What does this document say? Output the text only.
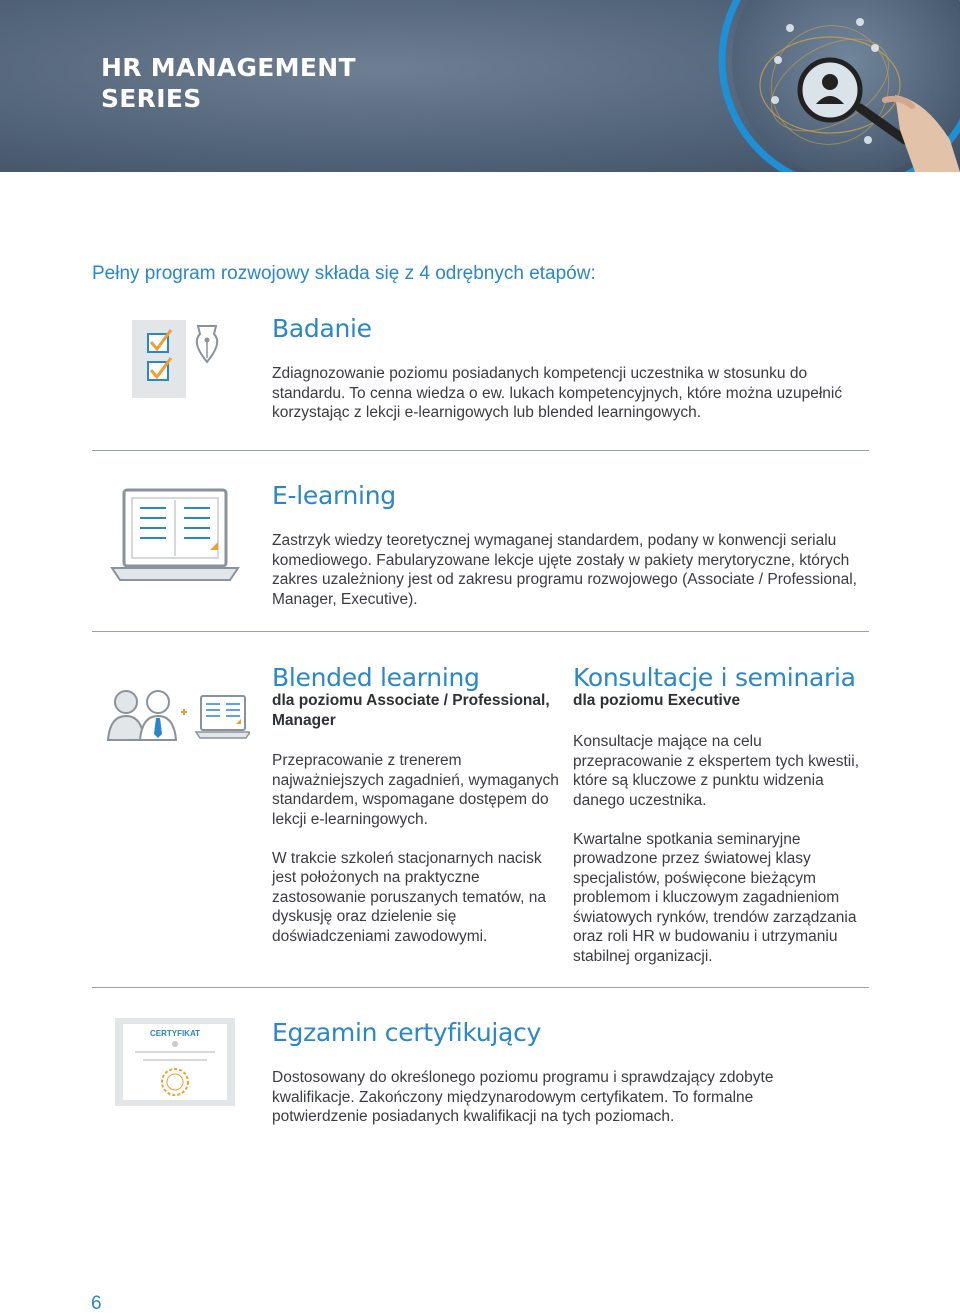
HR MANAGEMENT
SERIES
Pełny program rozwojowy składa się z 4 odrębnych etapów:
Badanie
Zdiagnozowanie poziomu posiadanych kompetencji uczestnika w stosunku do standardu. To cenna wiedza o ew. lukach kompetencyjnych, które można uzupełnić korzystając z lekcji e-learnigowych lub blended learningowych.
E-learning
Zastrzyk wiedzy teoretycznej wymaganej standardem, podany w konwencji serialu komediowego. Fabularyzowane lekcje ujęte zostały w pakiety merytoryczne, których zakres uzależniony jest od zakresu programu rozwojowego (Associate / Professional, Manager, Executive).
Blended learning
dla poziomu Associate / Professional, Manager

Przepracowanie z trenerem najważniejszych zagadnień, wymaganych standardem, wspomagane dostępem do lekcji e-learningowych.

W trakcie szkoleń stacjonarnych nacisk jest położonych na praktyczne zastosowanie poruszanych tematów, na dyskusję oraz dzielenie się doświadczeniami zawodowymi.

Konsultacje i seminaria
dla poziomu Executive

Konsultacje mające na celu przepracowanie z ekspertem tych kwestii, które są kluczowe z punktu widzenia danego uczestnika.

Kwartalne spotkania seminaryjne prowadzone przez światowej klasy specjalistów, poświęcone bieżącym problemom i kluczowym zagadnieniom światowych rynków, trendów zarządzania oraz roli HR w budowaniu i utrzymaniu stabilnej organizacji.

CERTYFIKAT	Egzamin certyfikujący
Dostosowany do określonego poziomu programu i sprawdzający zdobyte kwalifikacje. Zakończony międzynarodowym certyfikatem. To formalne potwierdzenie posiadanych kwalifikacji na tych poziomach.
6
